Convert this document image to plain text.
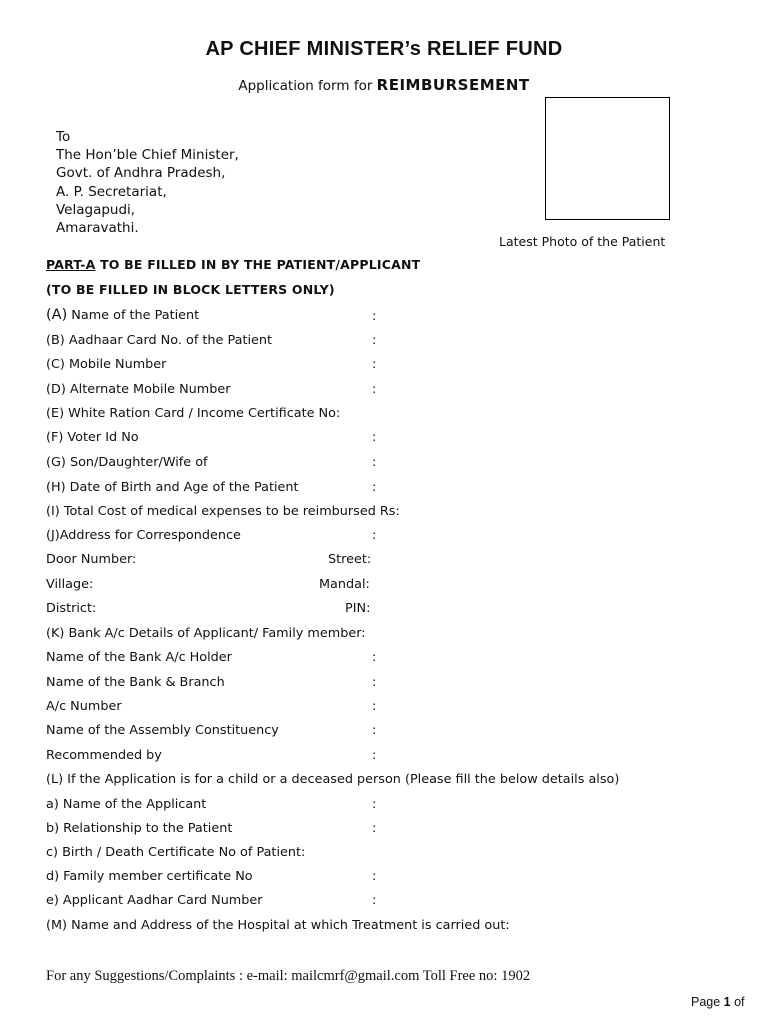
AP CHIEF MINISTER’s RELIEF FUND
Application form for REIMBURSEMENT
To
The Hon’ble Chief Minister,
Govt. of Andhra Pradesh,
A. P. Secretariat,
Velagapudi,
Amaravathi.
Latest Photo of the Patient
PART-A TO BE FILLED IN BY THE PATIENT/APPLICANT
(TO BE FILLED IN BLOCK LETTERS ONLY)
(A) Name of the Patient	:
(B) Aadhaar Card No. of the Patient	:
(C) Mobile Number	:
(D) Alternate Mobile Number	:
(E) White Ration Card / Income Certificate No:
(F) Voter Id No	:
(G) Son/Daughter/Wife of	:
(H) Date of Birth and Age of the Patient	:
(I) Total Cost of medical expenses to be reimbursed Rs:
(J)Address for Correspondence	:
Door Number:	Street:
Village:	Mandal:
District:	PIN:
(K) Bank A/c Details of Applicant/ Family member:
Name of the Bank A/c Holder	:
Name of the Bank & Branch	:
A/c Number	:
Name of the Assembly Constituency	:
Recommended by	:
(L) If the Application is for a child or a deceased person (Please fill the below details also)
a) Name of the Applicant	:
b) Relationship to the Patient	:
c) Birth / Death Certificate No of Patient:
d) Family member certificate No	:
e) Applicant Aadhar Card Number	:
(M) Name and Address of the Hospital at which Treatment is carried out:
For any Suggestions/Complaints : e-mail: mailcmrf@gmail.com Toll Free no: 1902
Page 1 of
